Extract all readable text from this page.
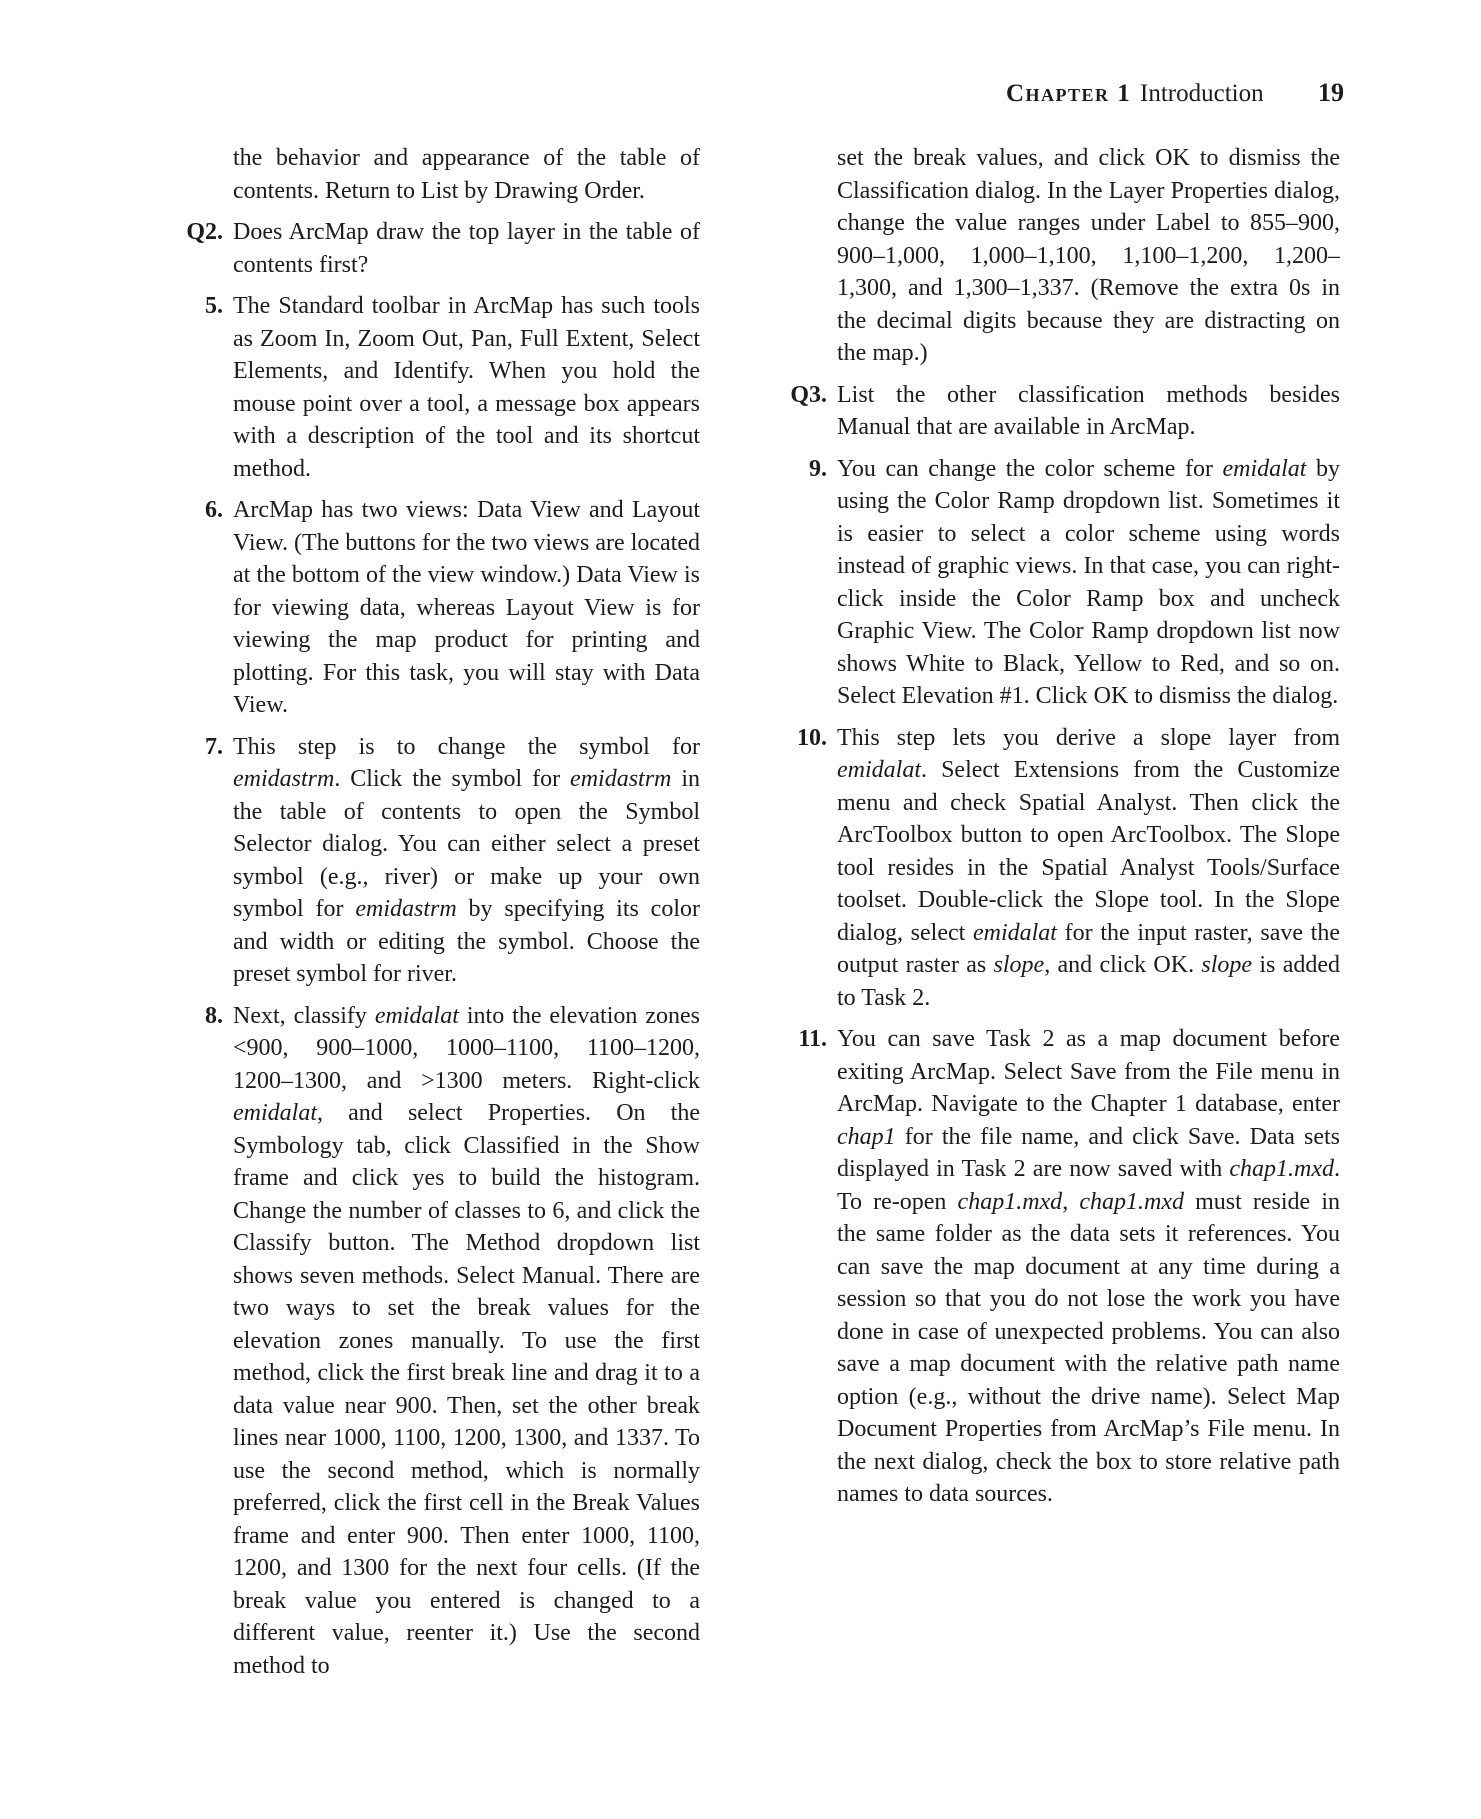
Chapter 1 Introduction 19
the behavior and appearance of the table of contents. Return to List by Drawing Order.
Q2. Does ArcMap draw the top layer in the table of contents first?
5. The Standard toolbar in ArcMap has such tools as Zoom In, Zoom Out, Pan, Full Extent, Select Elements, and Identify. When you hold the mouse point over a tool, a message box appears with a description of the tool and its shortcut method.
6. ArcMap has two views: Data View and Layout View. (The buttons for the two views are located at the bottom of the view window.) Data View is for viewing data, whereas Layout View is for viewing the map product for printing and plotting. For this task, you will stay with Data View.
7. This step is to change the symbol for emidastrm. Click the symbol for emidastrm in the table of contents to open the Symbol Selector dialog. You can either select a preset symbol (e.g., river) or make up your own symbol for emidastrm by specifying its color and width or editing the symbol. Choose the preset symbol for river.
8. Next, classify emidalat into the elevation zones <900, 900–1000, 1000–1100, 1100–1200, 1200–1300, and >1300 meters. Right-click emidalat, and select Properties. On the Symbology tab, click Classified in the Show frame and click yes to build the histogram. Change the number of classes to 6, and click the Classify button. The Method dropdown list shows seven methods. Select Manual. There are two ways to set the break values for the elevation zones manually. To use the first method, click the first break line and drag it to a data value near 900. Then, set the other break lines near 1000, 1100, 1200, 1300, and 1337. To use the second method, which is normally preferred, click the first cell in the Break Values frame and enter 900. Then enter 1000, 1100, 1200, and 1300 for the next four cells. (If the break value you entered is changed to a different value, reenter it.) Use the second method to
set the break values, and click OK to dismiss the Classification dialog. In the Layer Properties dialog, change the value ranges under Label to 855–900, 900–1,000, 1,000–1,100, 1,100–1,200, 1,200–1,300, and 1,300–1,337. (Remove the extra 0s in the decimal digits because they are distracting on the map.)
Q3. List the other classification methods besides Manual that are available in ArcMap.
9. You can change the color scheme for emidalat by using the Color Ramp dropdown list. Sometimes it is easier to select a color scheme using words instead of graphic views. In that case, you can right-click inside the Color Ramp box and uncheck Graphic View. The Color Ramp dropdown list now shows White to Black, Yellow to Red, and so on. Select Elevation #1. Click OK to dismiss the dialog.
10. This step lets you derive a slope layer from emidalat. Select Extensions from the Customize menu and check Spatial Analyst. Then click the ArcToolbox button to open ArcToolbox. The Slope tool resides in the Spatial Analyst Tools/Surface toolset. Double-click the Slope tool. In the Slope dialog, select emidalat for the input raster, save the output raster as slope, and click OK. slope is added to Task 2.
11. You can save Task 2 as a map document before exiting ArcMap. Select Save from the File menu in ArcMap. Navigate to the Chapter 1 database, enter chap1 for the file name, and click Save. Data sets displayed in Task 2 are now saved with chap1.mxd. To re-open chap1.mxd, chap1.mxd must reside in the same folder as the data sets it references. You can save the map document at any time during a session so that you do not lose the work you have done in case of unexpected problems. You can also save a map document with the relative path name option (e.g., without the drive name). Select Map Document Properties from ArcMap’s File menu. In the next dialog, check the box to store relative path names to data sources.
